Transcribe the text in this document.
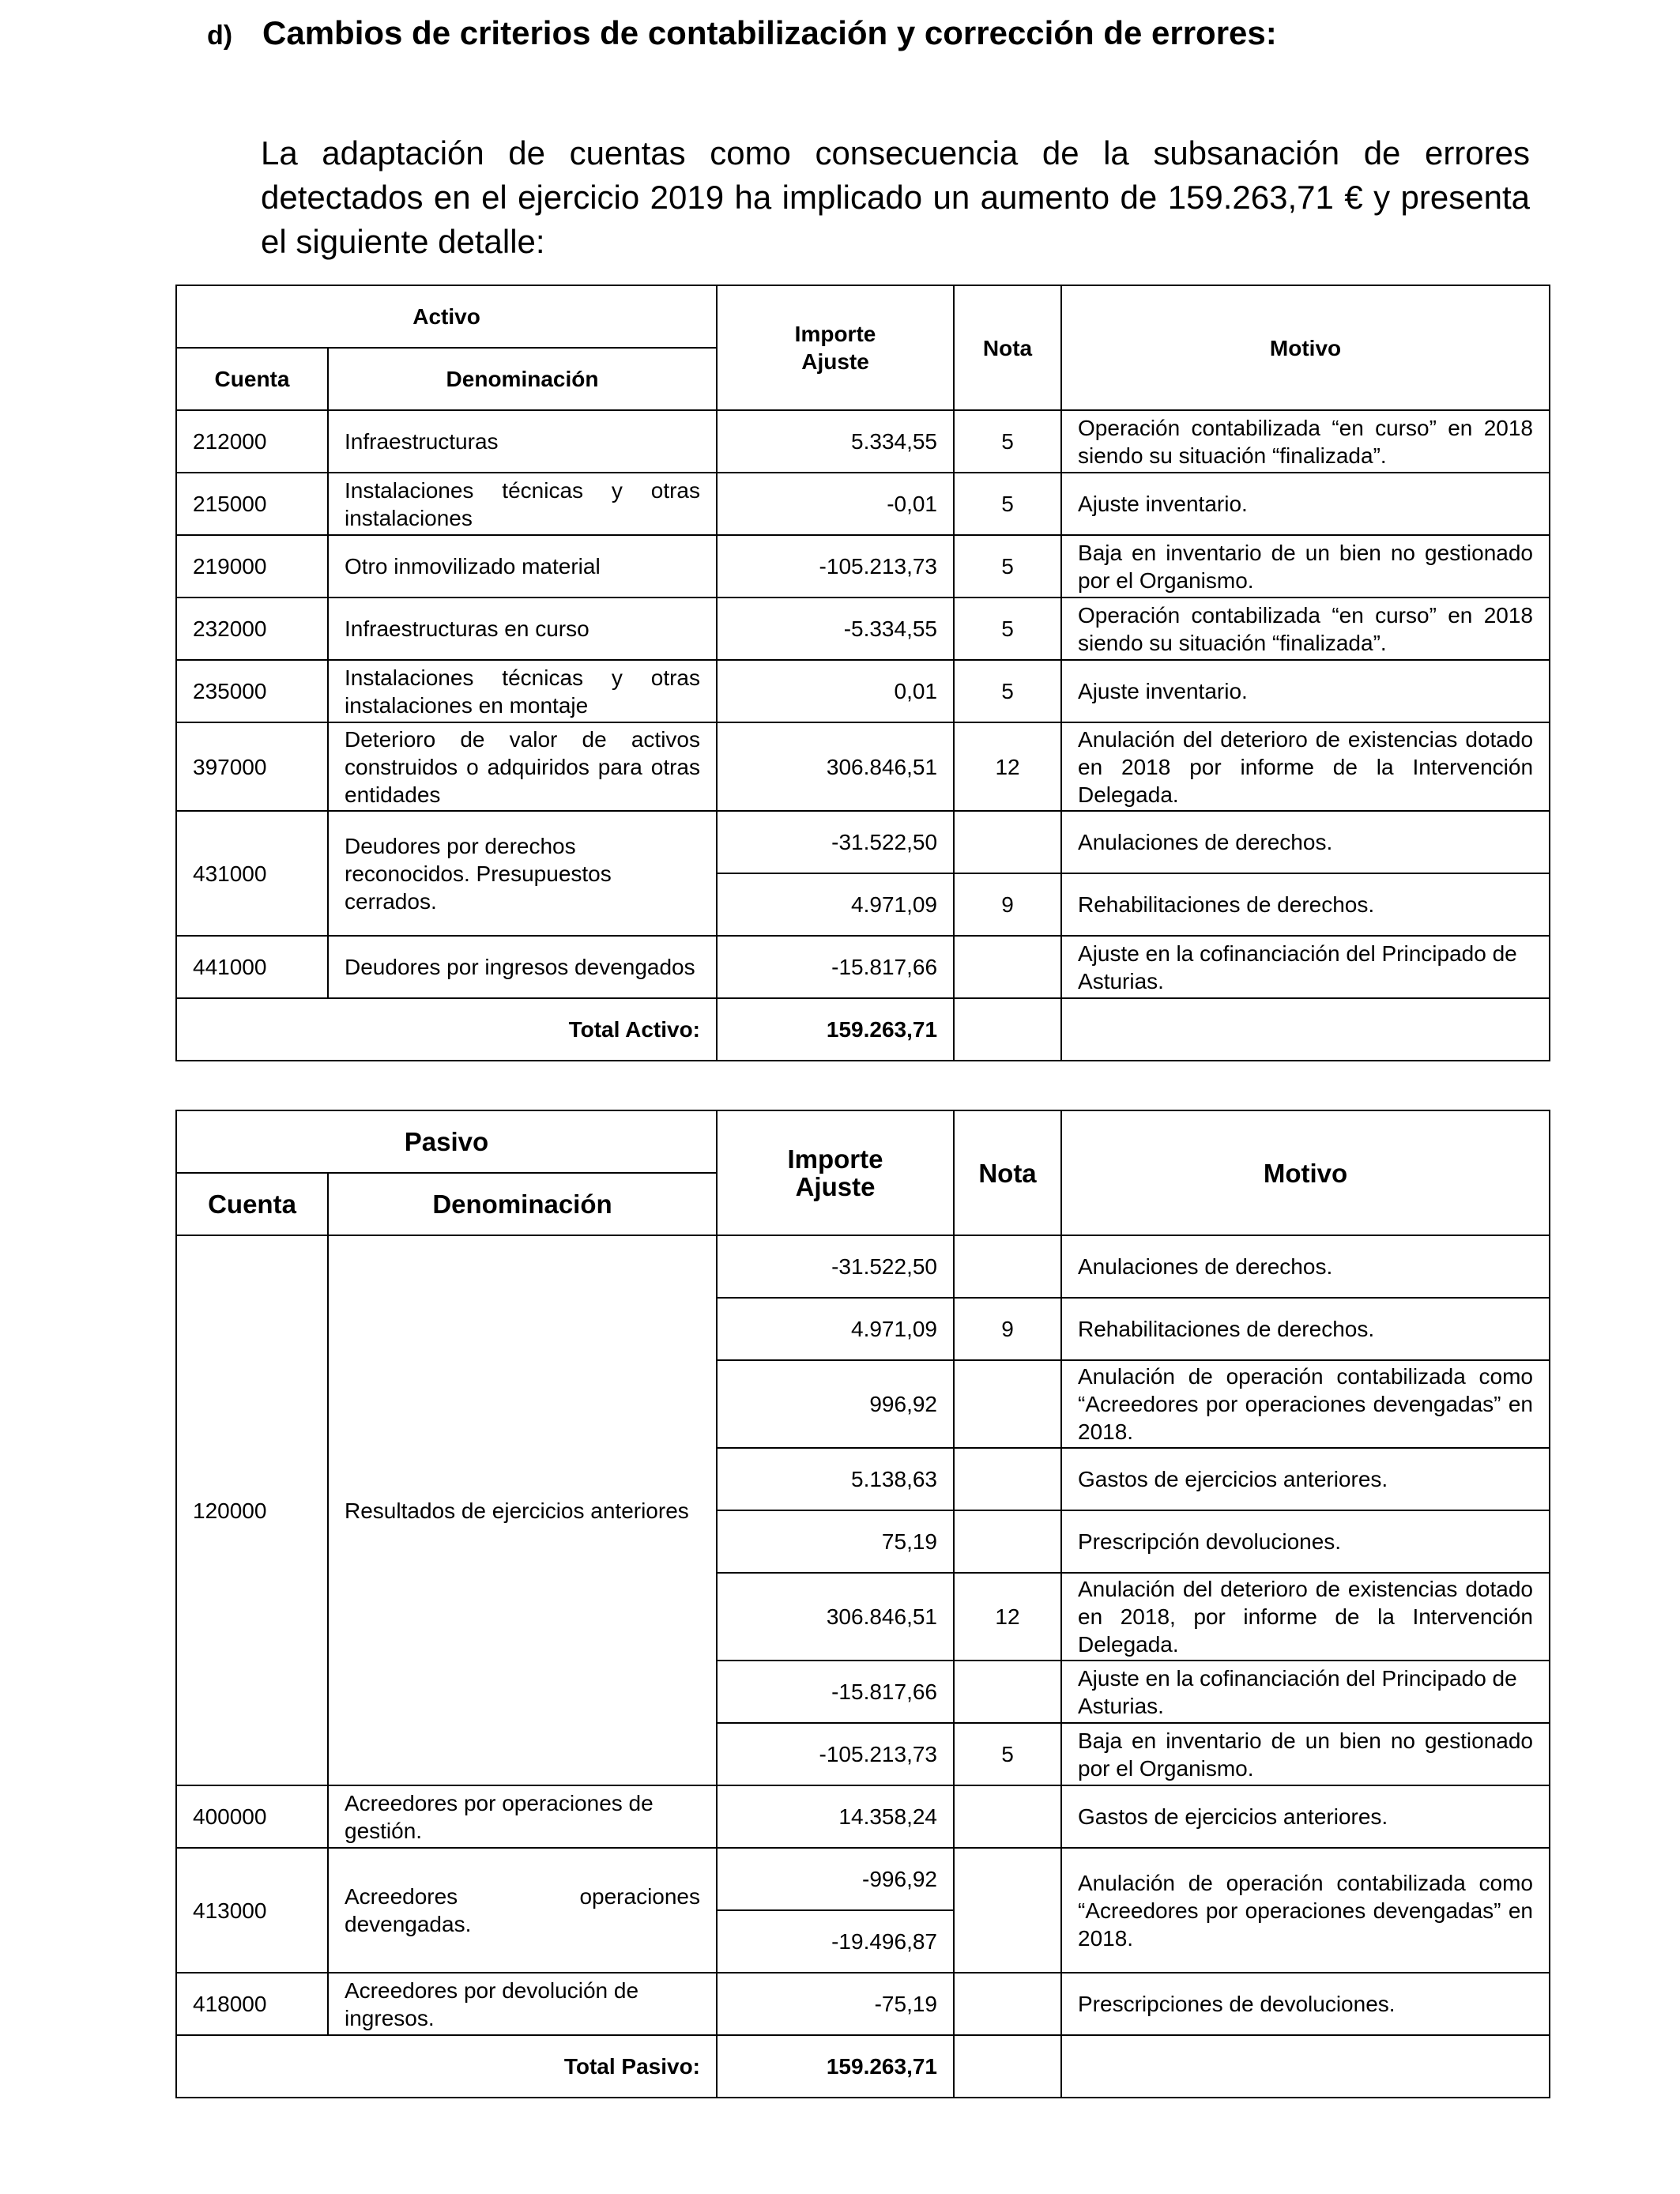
d) Cambios de criterios de contabilización y corrección de errores:

La adaptación de cuentas como consecuencia de la subsanación de errores detectados en el ejercicio 2019 ha implicado un aumento de 159.263,71 € y presenta el siguiente detalle:

Activo		Importe Ajuste	Nota	Motivo
Cuenta	Denominación			
212000	Infraestructuras	5.334,55	5	Operación contabilizada “en curso” en 2018 siendo su situación “finalizada”.
215000	Instalaciones técnicas y otras instalaciones	-0,01	5	Ajuste inventario.
219000	Otro inmovilizado material	-105.213,73	5	Baja en inventario de un bien no gestionado por el Organismo.
232000	Infraestructuras en curso	-5.334,55	5	Operación contabilizada “en curso” en 2018 siendo su situación “finalizada”.
235000	Instalaciones técnicas y otras instalaciones en montaje	0,01	5	Ajuste inventario.
397000	Deterioro de valor de activos construidos o adquiridos para otras entidades	306.846,51	12	Anulación del deterioro de existencias dotado en 2018 por informe de la Intervención Delegada.
431000	Deudores por derechos reconocidos. Presupuestos cerrados.	-31.522,50		Anulaciones de derechos.
		4.971,09	9	Rehabilitaciones de derechos.
441000	Deudores por ingresos devengados	-15.817,66		Ajuste en la cofinanciación del Principado de Asturias.
Total Activo:		159.263,71		
Pasivo		Importe Ajuste	Nota	Motivo
Cuenta	Denominación			
120000	Resultados de ejercicios anteriores	-31.522,50		Anulaciones de derechos.
		4.971,09	9	Rehabilitaciones de derechos.
		996,92		Anulación de operación contabilizada como “Acreedores por operaciones devengadas” en 2018.
		5.138,63		Gastos de ejercicios anteriores.
		75,19		Prescripción devoluciones.
		306.846,51	12	Anulación del deterioro de existencias dotado en 2018, por informe de la Intervención Delegada.
		-15.817,66		Ajuste en la cofinanciación del Principado de Asturias.
		-105.213,73	5	Baja en inventario de un bien no gestionado por el Organismo.
400000	Acreedores por operaciones de gestión.	14.358,24		Gastos de ejercicios anteriores.
413000	Acreedores operaciones devengadas.	-996,92		Anulación de operación contabilizada como “Acreedores por operaciones devengadas” en 2018.
		-19.496,87		
418000	Acreedores por devolución de ingresos.	-75,19		Prescripciones de devoluciones.
Total Pasivo:		159.263,71		
